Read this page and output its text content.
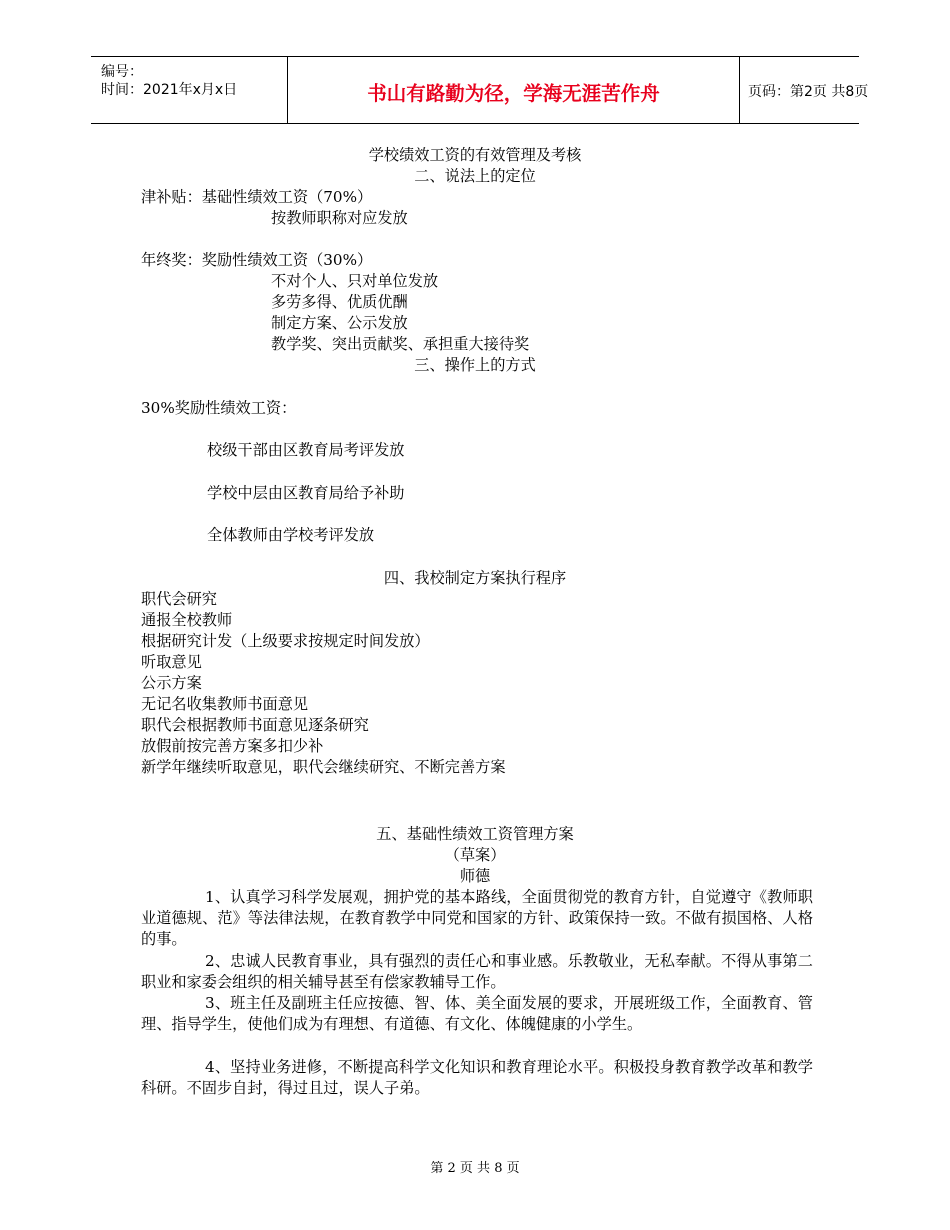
编号：
时间：2021年x月x日	书山有路勤为径，学海无涯苦作舟	页码：第2页 共8页
学校绩效工资的有效管理及考核
二、说法上的定位
津补贴：基础性绩效工资（70%）
按教师职称对应发放
年终奖：奖励性绩效工资（30%）
不对个人、只对单位发放
多劳多得、优质优酬
制定方案、公示发放
教学奖、突出贡献奖、承担重大接待奖
三、操作上的方式
30%奖励性绩效工资：
校级干部由区教育局考评发放
学校中层由区教育局给予补助
全体教师由学校考评发放
四、我校制定方案执行程序
职代会研究
通报全校教师
根据研究计发（上级要求按规定时间发放）
听取意见
公示方案
无记名收集教师书面意见
职代会根据教师书面意见逐条研究
放假前按完善方案多扣少补
新学年继续听取意见，职代会继续研究、不断完善方案
五、基础性绩效工资管理方案
（草案）
师德
1、认真学习科学发展观，拥护党的基本路线，全面贯彻党的教育方针，自觉遵守《教师职业道德规、范》等法律法规，在教育教学中同党和国家的方针、政策保持一致。不做有损国格、人格的事。
2、忠诚人民教育事业，具有强烈的责任心和事业感。乐教敬业，无私奉献。不得从事第二职业和家委会组织的相关辅导甚至有偿家教辅导工作。
3、班主任及副班主任应按德、智、体、美全面发展的要求，开展班级工作，全面教育、管理、指导学生，使他们成为有理想、有道德、有文化、体魄健康的小学生。
4、坚持业务进修，不断提高科学文化知识和教育理论水平。积极投身教育教学改革和教学科研。不固步自封，得过且过，误人子弟。
第 2 页 共 8 页
